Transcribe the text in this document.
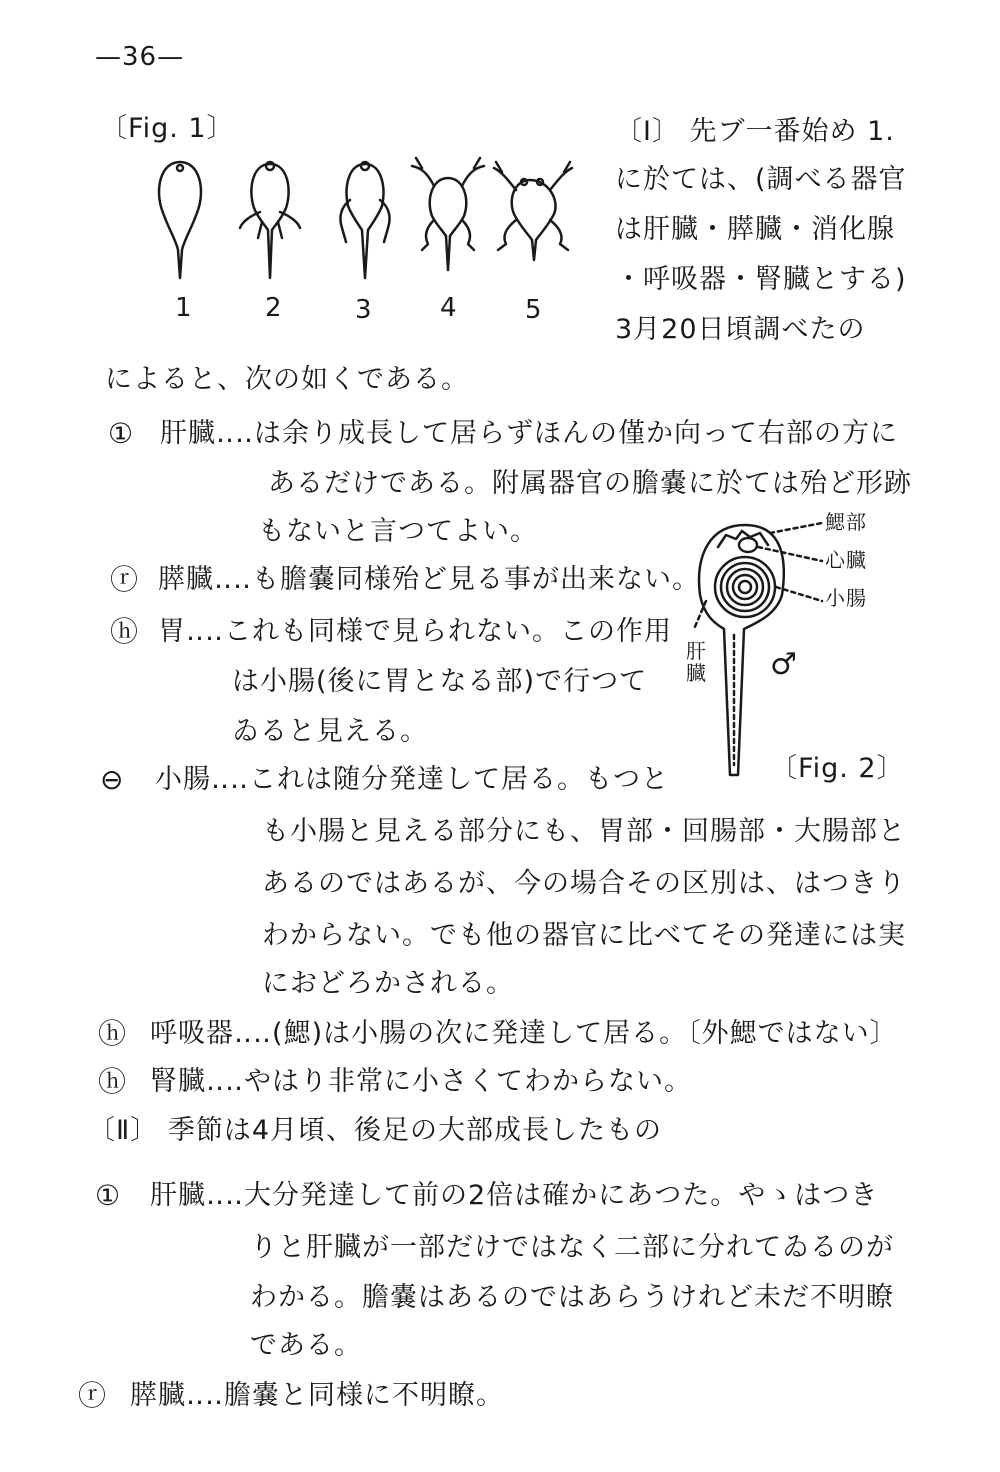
—36—
〔Fig. 1〕
1	2	3	4	5
〔Ⅰ〕 先ブ一番始め 1.
に於ては、(調べる器官
は肝臓・膵臓・消化腺
・呼吸器・腎臓とする)
3月20日頃調べたの
によると、次の如くである。
① 肝臓‥‥は余り成長して居らずほんの僅か向って右部の方に
あるだけである。附属器官の膽嚢に於ては殆ど形跡
もないと言つてよい。
ⓡ 膵臓‥‥も膽嚢同様殆ど見る事が出来ない。
ⓗ 胃‥‥これも同様で見られない。この作用
は小腸(後に胃となる部)で行つて
ゐると見える。
⊖ 小腸‥‥これは随分発達して居る。もつと
も小腸と見える部分にも、胃部・回腸部・大腸部と
あるのではあるが、今の場合その区別は、はつきり
わからない。でも他の器官に比べてその発達には実
におどろかされる。
ⓗ 呼吸器‥‥(鰓)は小腸の次に発達して居る。〔外鰓ではない〕
ⓗ 腎臓‥‥やはり非常に小さくてわからない。
鰓部
心臓
小腸
肝臓 ♂
〔Fig. 2〕
〔Ⅱ〕 季節は4月頃、後足の大部成長したもの
① 肝臓‥‥大分発達して前の2倍は確かにあつた。やゝはつき
りと肝臓が一部だけではなく二部に分れてゐるのが
わかる。膽嚢はあるのではあらうけれど未だ不明瞭
である。
ⓡ 膵臓‥‥膽嚢と同様に不明瞭。
